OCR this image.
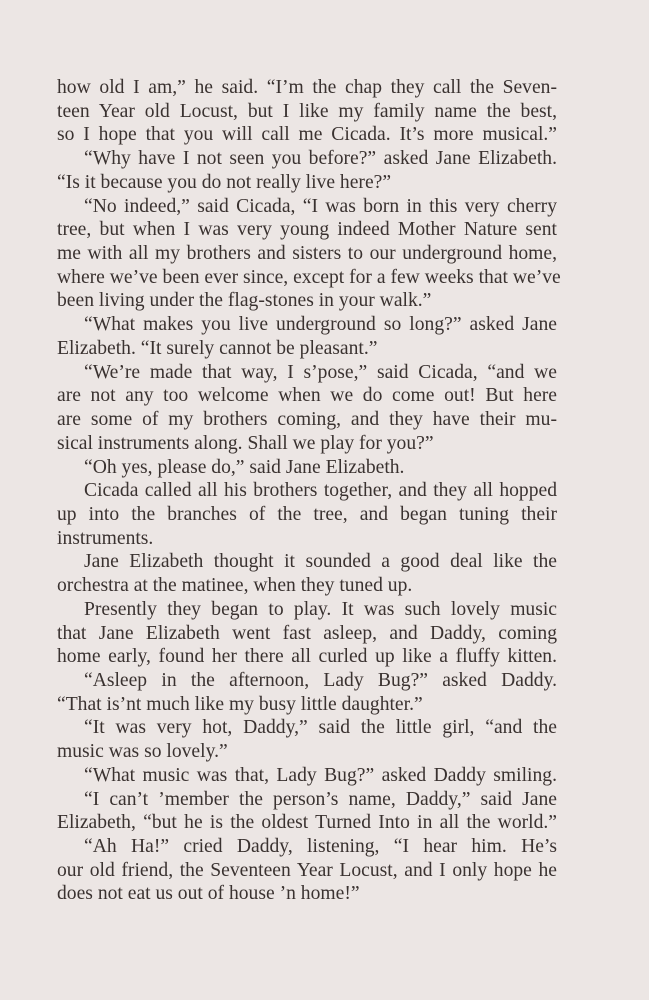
how old I am,” he said. “I’m the chap they call the Seven-
teen Year old Locust, but I like my family name the best,
so I hope that you will call me Cicada. It’s more musical.”
“Why have I not seen you before?” asked Jane Elizabeth.
“Is it because you do not really live here?”
“No indeed,” said Cicada, “I was born in this very cherry
tree, but when I was very young indeed Mother Nature sent
me with all my brothers and sisters to our underground home,
where we’ve been ever since, except for a few weeks that we’ve
been living under the flag-stones in your walk.”
“What makes you live underground so long?” asked Jane
Elizabeth. “It surely cannot be pleasant.”
“We’re made that way, I s’pose,” said Cicada, “and we
are not any too welcome when we do come out! But here
are some of my brothers coming, and they have their mu-
sical instruments along. Shall we play for you?”
“Oh yes, please do,” said Jane Elizabeth.
Cicada called all his brothers together, and they all hopped
up into the branches of the tree, and began tuning their
instruments.
Jane Elizabeth thought it sounded a good deal like the
orchestra at the matinee, when they tuned up.
Presently they began to play. It was such lovely music
that Jane Elizabeth went fast asleep, and Daddy, coming
home early, found her there all curled up like a fluffy kitten.
“Asleep in the afternoon, Lady Bug?” asked Daddy.
“That is’nt much like my busy little daughter.”
“It was very hot, Daddy,” said the little girl, “and the
music was so lovely.”
“What music was that, Lady Bug?” asked Daddy smiling.
“I can’t ’member the person’s name, Daddy,” said Jane
Elizabeth, “but he is the oldest Turned Into in all the world.”
“Ah Ha!” cried Daddy, listening, “I hear him. He’s
our old friend, the Seventeen Year Locust, and I only hope he
does not eat us out of house ’n home!”
